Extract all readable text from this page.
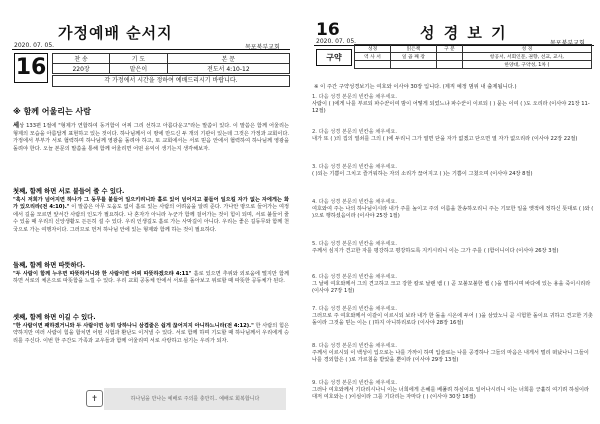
가정예배 순서지
2020. 07. 05.	목포북부교회
16	찬 송	기 도	본 문
220장	맡은이	전도서 4:10-12
각 가정에서 시간을 정하여 예배드리시기 바랍니다.
※ 함께 어울리는 사람
세상 133편 1절에 "형제가 연합하여 동거함이 어찌 그리 선하고 아름다운고"라는 말씀이 있다. 이 말씀은 함께 어울리는 형제의 모습을 아름답게 표현하고 있는 것이다. 하나님께서 이 땅에 만드신 두 개의 기관이 있는데 그것은 가정과 교회이다. 가정에서 부부가 서로 협력하며 하나님께 영광을 돌려야 하고, 또 교회에서는 서로 믿음 안에서 협력하여 하나님께 영광을 돌려야 한다. 오늘 본문의 말씀을 통해 함께 어울리면 어떤 유익이 생기는지 생각해보자.
첫째, 함께 하면 서로 붙들어 줄 수 있다.
"혹시 저희가 넘어지면 하나가 그 동무를 붙들어 일으키려니와 홀로 있어 넘어지고 붙들어 일으킬 자가 없는 자에게는 화가 있으리라(전 4:10)." 이 말씀은 아무 도움도 없이 홀로 있는 사람의 어려움을 알려 준다. 가나안 땅으로 들어가는 여정에서 길을 모르면 앞서간 사람의 인도가 필요하다. 나 혼자가 아니라 누군가 함께 걸어가는 것이 힘이 되며, 서로 붙들어 줄 수 있을 때 우리의 신앙생활도 든든히 설 수 있다. 우리 인생길도 홀로 가는 사막길이 아니다. 우리는 좋은 길동무와 함께 천국으로 가는 여행자이다. 그러므로 먼저 하나님 안에 있는 형제와 함께 하는 것이 필요하다.
둘째, 함께 하면 따뜻하다.
"두 사람이 함께 누우면 따뜻하거니와 한 사람이면 어찌 따뜻하겠으랴 4:11" 홀로 있으면 추위와 외로움에 떨지만 함께 하면 서로의 체온으로 따뜻함을 느낄 수 있다. 우리 교회 공동체 안에서 서로를 돌아보고 위로할 때 따뜻한 공동체가 된다.
셋째, 함께 하면 이길 수 있다.
"한 사람이면 패하겠거니와 두 사람이면 능히 당하나니 삼겹줄은 쉽게 끊어지지 아니하느니라(전 4:12)." 한 사람의 힘은 약하지만 여러 사람이 힘을 합치면 어떤 시험과 환난도 이겨낼 수 있다. 서로 함께 하며 기도할 때 하나님께서 우리에게 승리를 주신다. 이번 한 주간도 가족과 교우들과 함께 어울리며 서로 사랑하고 섬기는 우리가 되자.
✝	하나님을 만나는 예배로 주의를 충만히.. 예배로 회복합니다
16	성 경 보 기
2020. 07. 05.	목포북부교회
구약
성경	읽은책	구 분	성 경
역 사 서	일 곱 째 장		항공서, 서회인문, 권향, 선교, 교사,
			한양대, 구약성, 1차 (
※ 이 주간 구약성경보기는 여호와 이사야 30장 입니다. (제직 예정 범위 내 출제됩니다.)
1. 다음 성경 본문의 빈칸을 채우세요.
사람이 ( )에게 나를 부르되 파수꾼이여 밤이 어떻게 되었느냐 파수꾼이 이르되 ( ) 묻는 이여 ( )도 오리라 (이사야 21장 11-12절)
2. 다음 성경 본문의 빈칸을 채우세요.
내가 또 ( )의 집의 열쇠를 그의 ( )에 두리니 그가 열면 닫을 자가 없겠고 닫으면 열 자가 없으리라 (이사야 22장 22절)
3. 다음 성경 본문의 빈칸을 채우세요.
( )되는 기쁨이 그치고 즐거워하는 자의 소리가 끊어지고 ( )는 기쁨이 그쳤으며 (이사야 24장 8절)
4. 다음 성경 본문의 빈칸을 채우세요.
여호와여 주는 나의 하나님이시라 내가 주를 높이고 주의 이름을 찬송하오리니 주는 기묘한 일을 옛적에 정하신 뜻대로 ( )와 ( )으로 행하셨음이라 (이사야 25장 1절)
5. 다음 성경 본문의 빈칸을 채우세요.
주께서 심지가 견고한 자를 평강하고 평강하도록 지키시리니 이는 그가 주를 ( )함이니이다 (이사야 26장 3절)
6. 다음 성경 본문의 빈칸을 채우세요.
그 날에 여호와께서 그의 견고하고 크고 강한 칼로 날랜 뱀 ( ) 곧 꼬불꼬불한 뱀 ( )을 벌하시며 바다에 있는 용을 죽이시리라 (이사야 27장 1절)
7. 다음 성경 본문의 빈칸을 채우세요.
그러므로 주 여호와께서 이같이 이르시되 보라 내가 한 돌을 시온에 두어 ( )을 삼았노니 곧 시험한 돌이요 귀하고 견고한 기촛돌이라 그것을 믿는 이는 ( )하지 아니하리로다 (이사야 28장 16절)
8. 다음 성경 본문의 빈칸을 채우세요.
주께서 이르시되 이 백성이 입으로는 나를 가까이 하며 입술로는 나를 공경하나 그들의 마음은 내게서 멀리 떠났나니 그들이 나를 경외함은 ( )로 가르침을 받았을 뿐이라 (이사야 29장 13절)
9. 다음 성경 본문의 빈칸을 채우세요.
그러나 여호와께서 기다리시나니 이는 너희에게 은혜를 베풀려 하심이요 일어나시리니 이는 너희를 긍휼히 여기려 하심이라 대저 여호와는 ( )이심이라 그를 기다리는 자마다 ( ) (이사야 30장 18절)
